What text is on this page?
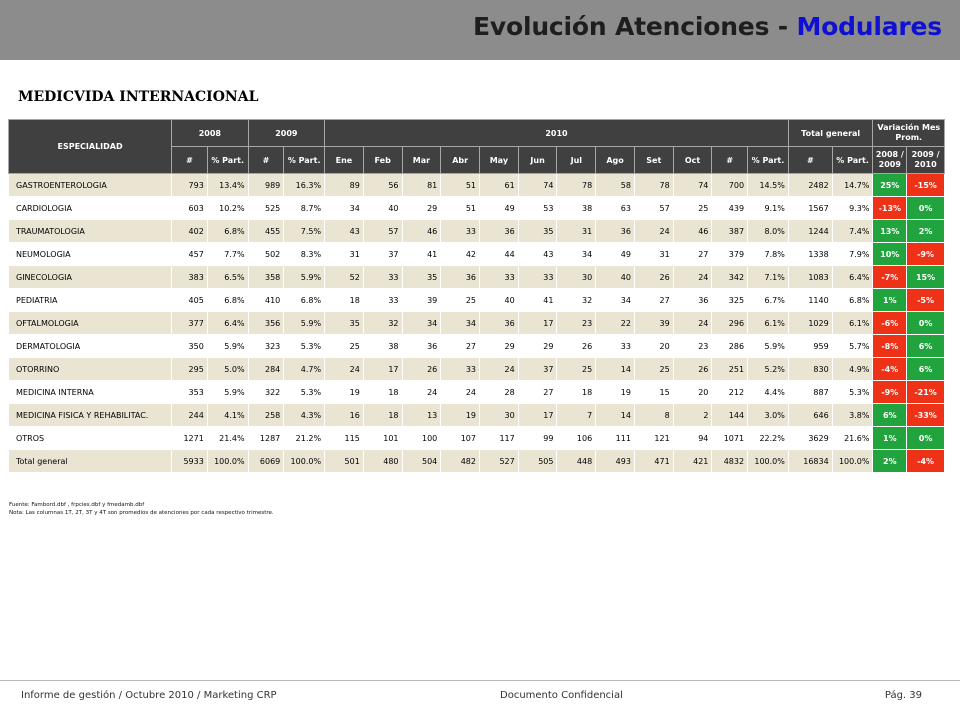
Evolución Atenciones - Modulares
MEDICVIDA INTERNACIONAL
ESPECIALIDAD	2008		2009		2010												Total general		Variación Mes Prom.	
	#	% Part.	#	% Part.	Ene	Feb	Mar	Abr	May	Jun	Jul	Ago	Set	Oct	#	% Part.	#	% Part.	2008 / 2009	2009 / 2010
GASTROENTEROLOGIA	793	13.4%	989	16.3%	89	56	81	51	61	74	78	58	78	74	700	14.5%	2482	14.7%	25%	-15%
CARDIOLOGIA	603	10.2%	525	8.7%	34	40	29	51	49	53	38	63	57	25	439	9.1%	1567	9.3%	-13%	0%
TRAUMATOLOGIA	402	6.8%	455	7.5%	43	57	46	33	36	35	31	36	24	46	387	8.0%	1244	7.4%	13%	2%
NEUMOLOGIA	457	7.7%	502	8.3%	31	37	41	42	44	43	34	49	31	27	379	7.8%	1338	7.9%	10%	-9%
GINECOLOGIA	383	6.5%	358	5.9%	52	33	35	36	33	33	30	40	26	24	342	7.1%	1083	6.4%	-7%	15%
PEDIATRIA	405	6.8%	410	6.8%	18	33	39	25	40	41	32	34	27	36	325	6.7%	1140	6.8%	1%	-5%
OFTALMOLOGIA	377	6.4%	356	5.9%	35	32	34	34	36	17	23	22	39	24	296	6.1%	1029	6.1%	-6%	0%
DERMATOLOGIA	350	5.9%	323	5.3%	25	38	36	27	29	29	26	33	20	23	286	5.9%	959	5.7%	-8%	6%
OTORRINO	295	5.0%	284	4.7%	24	17	26	33	24	37	25	14	25	26	251	5.2%	830	4.9%	-4%	6%
MEDICINA INTERNA	353	5.9%	322	5.3%	19	18	24	24	28	27	18	19	15	20	212	4.4%	887	5.3%	-9%	-21%
MEDICINA FISICA Y REHABILITAC.	244	4.1%	258	4.3%	16	18	13	19	30	17	7	14	8	2	144	3.0%	646	3.8%	6%	-33%
OTROS	1271	21.4%	1287	21.2%	115	101	100	107	117	99	106	111	121	94	1071	22.2%	3629	21.6%	1%	0%
Total general	5933	100.0%	6069	100.0%	501	480	504	482	527	505	448	493	471	421	4832	100.0%	16834	100.0%	2%	-4%
Fuente: Fambord.dbf , frpcies.dbf y fmedamb.dbf
Nota: Las columnas 1T, 2T, 3T y 4T son promedios de atenciones por cada respectivo trimestre.
Informe de gestión / Octubre 2010 / Marketing CRP	Documento Confidencial	Pág. 39
